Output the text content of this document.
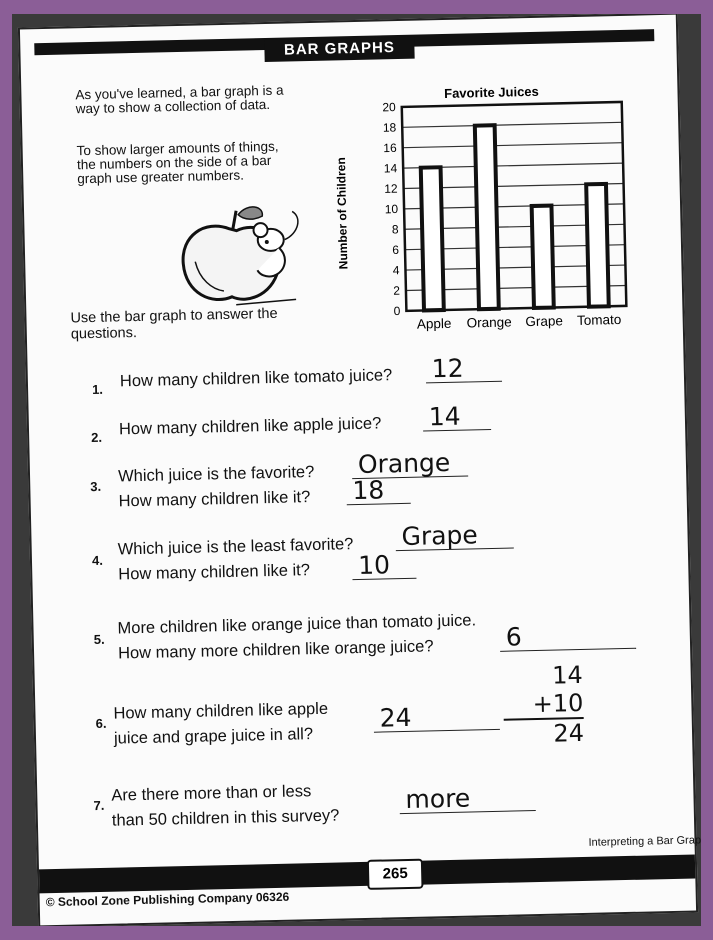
BAR GRAPHS
As you've learned, a bar graph is a way to show a collection of data.
To show larger amounts of things, the numbers on the side of a bar graph use greater numbers.
Use the bar graph to answer the questions.
Favorite Juices
Number of Children
0
2
4
6
8
10
12
14
16
18
20
Apple Orange Grape Tomato
1. How many children like tomato juice? 12
2. How many children like apple juice? 14
3.
Which juice is the favorite?
How many children like it?
Orange
18
4.
Which juice is the least favorite?
How many children like it?
Grape
10
5.
More children like orange juice than tomato juice.
How many more children like orange juice?	6
6.
How many children like apple
juice and grape juice in all?
24
7.
Are there more than or less
than 50 children in this survey?
more
14
+10
24
© School Zone Publishing Company 06326
265
Interpreting a Bar Grap
